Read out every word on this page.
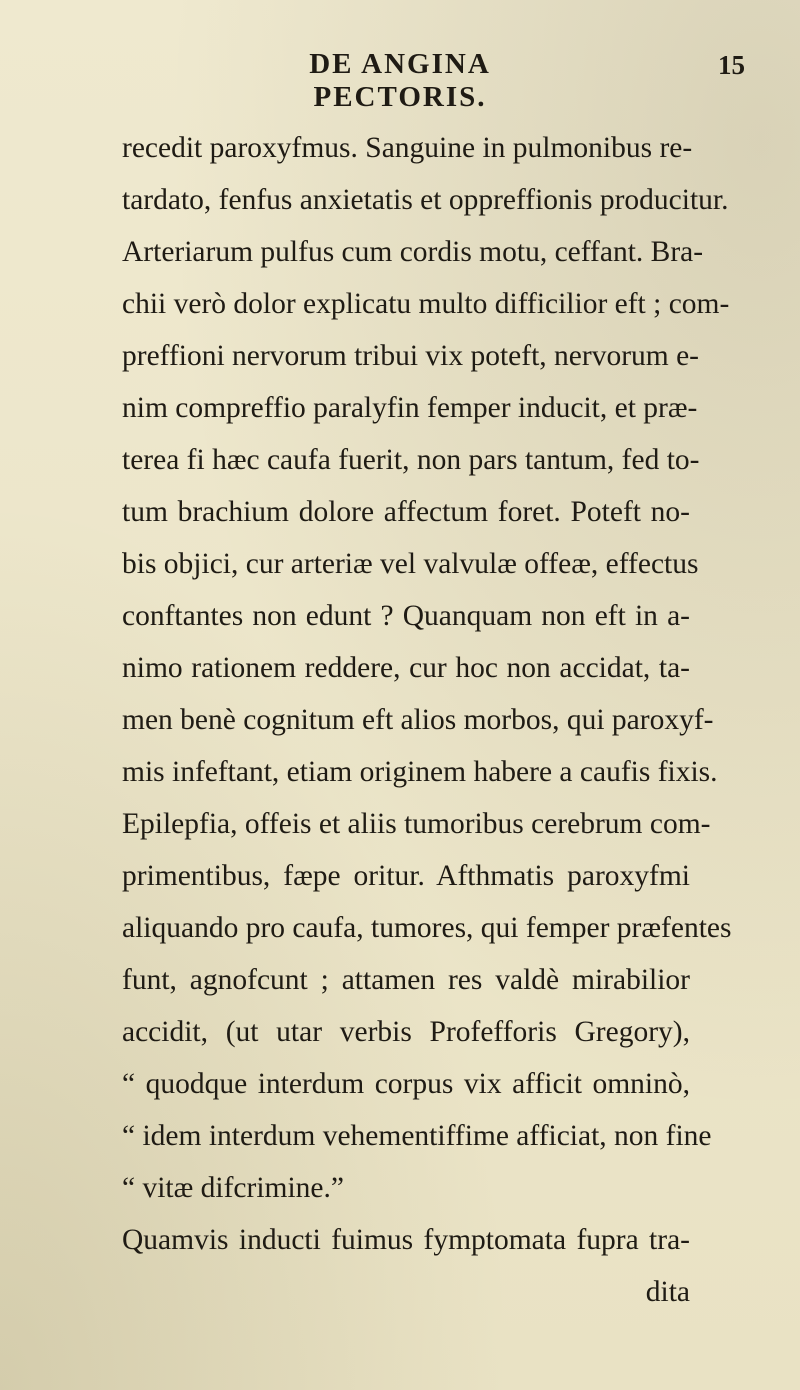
DE ANGINA PECTORIS.
15
recedit paroxyfmus. Sanguine in pulmonibus re-
tardato, fenfus anxietatis et oppreffionis producitur.
Arteriarum pulfus cum cordis motu, ceffant. Bra-
chii verò dolor explicatu multo difficilior eft ; com-
preffioni nervorum tribui vix poteft, nervorum e-
nim compreffio paralyfin femper inducit, et præ-
terea fi hæc caufa fuerit, non pars tantum, fed to-
tum brachium dolore affectum foret. Poteft no-
bis objici, cur arteriæ vel valvulæ offeæ, effectus
conftantes non edunt ? Quanquam non eft in a-
nimo rationem reddere, cur hoc non accidat, ta-
men benè cognitum eft alios morbos, qui paroxyf-
mis infeftant, etiam originem habere a caufis fixis.
Epilepfia, offeis et aliis tumoribus cerebrum com-
primentibus, fæpe oritur. Afthmatis paroxyfmi
aliquando pro caufa, tumores, qui femper præfentes
funt, agnofcunt ; attamen res valdè mirabilior
accidit, (ut utar verbis Profefforis Gregory),
“ quodque interdum corpus vix afficit omninò,
“ idem interdum vehementiffime afficiat, non fine
“ vitæ difcrimine.”
Quamvis inducti fuimus fymptomata fupra tra-
dita
